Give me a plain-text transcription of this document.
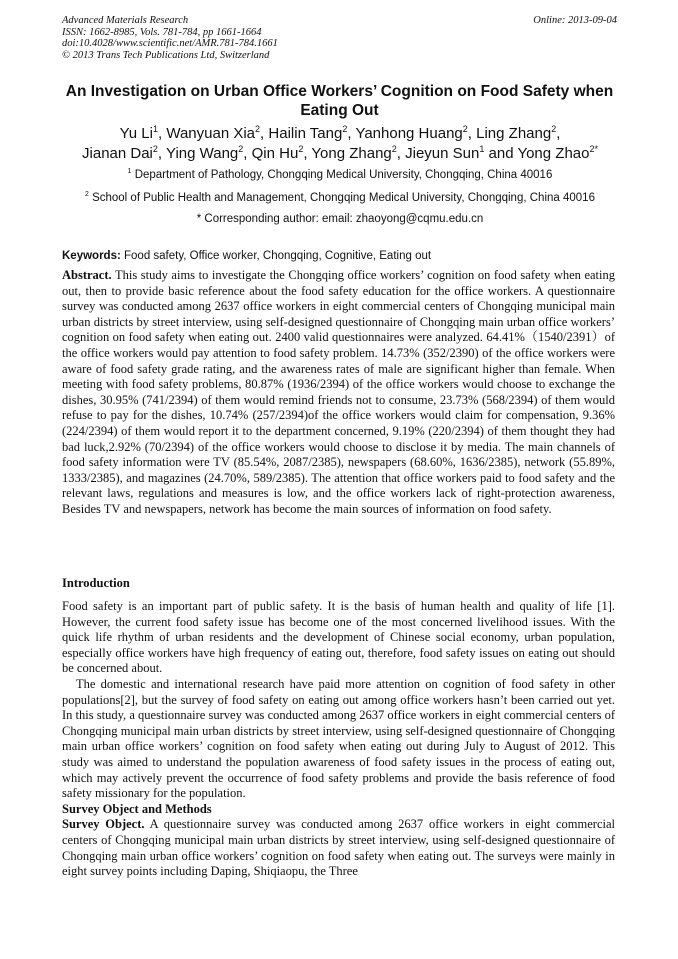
Advanced Materials Research
ISSN: 1662-8985, Vols. 781-784, pp 1661-1664
doi:10.4028/www.scientific.net/AMR.781-784.1661
© 2013 Trans Tech Publications Ltd, Switzerland
Online: 2013-09-04
An Investigation on Urban Office Workers’ Cognition on Food Safety when Eating Out
Yu Li$^1$, Wanyuan Xia$^2$, Hailin Tang$^2$, Yanhong Huang$^2$, Ling Zhang$^2$,
Jianan Dai$^2$, Ying Wang$^2$, Qin Hu$^2$, Yong Zhang$^2$, Jieyun Sun$^1$ and Yong Zhao$^{2*}$
$^1$ Department of Pathology, Chongqing Medical University, Chongqing, China 40016
$^2$ School of Public Health and Management, Chongqing Medical University, Chongqing, China 40016
* Corresponding author: email: zhaoyong@cqmu.edu.cn
Keywords: Food safety, Office worker, Chongqing, Cognitive, Eating out
Abstract. This study aims to investigate the Chongqing office workers’ cognition on food safety when eating out, then to provide basic reference about the food safety education for the office workers. A questionnaire survey was conducted among 2637 office workers in eight commercial centers of Chongqing municipal main urban districts by street interview, using self-designed questionnaire of Chongqing main urban office workers’ cognition on food safety when eating out. 2400 valid questionnaires were analyzed. 64.41%（1540/2391）of the office workers would pay attention to food safety problem. 14.73% (352/2390) of the office workers were aware of food safety grade rating, and the awareness rates of male are significant higher than female. When meeting with food safety problems, 80.87% (1936/2394) of the office workers would choose to exchange the dishes, 30.95% (741/2394) of them would remind friends not to consume, 23.73% (568/2394) of them would refuse to pay for the dishes, 10.74% (257/2394)of the office workers would claim for compensation, 9.36% (224/2394) of them would report it to the department concerned, 9.19% (220/2394) of them thought they had bad luck,2.92% (70/2394) of the office workers would choose to disclose it by media. The main channels of food safety information were TV (85.54%, 2087/2385), newspapers (68.60%, 1636/2385), network (55.89%, 1333/2385), and magazines (24.70%, 589/2385). The attention that office workers paid to food safety and the relevant laws, regulations and measures is low, and the office workers lack of right-protection awareness, Besides TV and newspapers, network has become the main sources of information on food safety.
Introduction

Food safety is an important part of public safety. It is the basis of human health and quality of life [1]. However, the current food safety issue has become one of the most concerned livelihood issues. With the quick life rhythm of urban residents and the development of Chinese social economy, urban population, especially office workers have high frequency of eating out, therefore, food safety issues on eating out should be concerned about.

The domestic and international research have paid more attention on cognition of food safety in other populations[2], but the survey of food safety on eating out among office workers hasn’t been carried out yet. In this study, a questionnaire survey was conducted among 2637 office workers in eight commercial centers of Chongqing municipal main urban districts by street interview, using self-designed questionnaire of Chongqing main urban office workers’ cognition on food safety when eating out during July to August of 2012. This study was aimed to understand the population awareness of food safety issues in the process of eating out, which may actively prevent the occurrence of food safety problems and provide the basis reference of food safety missionary for the population.

Survey Object and Methods

Survey Object. A questionnaire survey was conducted among 2637 office workers in eight commercial centers of Chongqing municipal main urban districts by street interview, using self-designed questionnaire of Chongqing main urban office workers’ cognition on food safety when eating out. The surveys were mainly in eight survey points including Daping, Shiqiaopu, the Three
